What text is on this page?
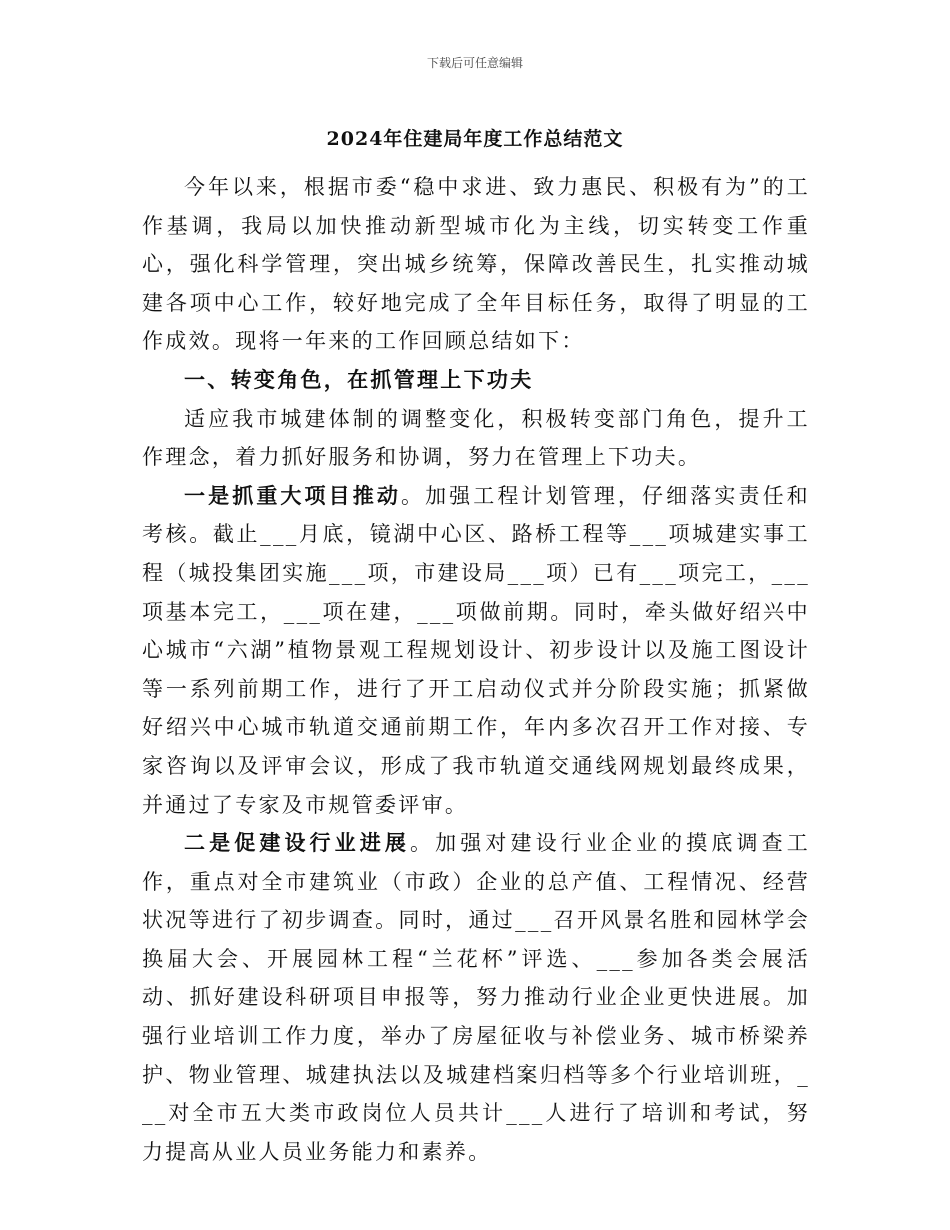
下载后可任意编辑
2024年住建局年度工作总结范文

今年以来，根据市委“稳中求进、致力惠民、积极有为”的工作基调，我局以加快推动新型城市化为主线，切实转变工作重心，强化科学管理，突出城乡统筹，保障改善民生，扎实推动城建各项中心工作，较好地完成了全年目标任务，取得了明显的工作成效。现将一年来的工作回顾总结如下：

一、转变角色，在抓管理上下功夫

适应我市城建体制的调整变化，积极转变部门角色，提升工作理念，着力抓好服务和协调，努力在管理上下功夫。

一是抓重大项目推动。加强工程计划管理，仔细落实责任和考核。截止___月底，镜湖中心区、路桥工程等___项城建实事工程（城投集团实施___项，市建设局___项）已有___项完工，___项基本完工，___项在建，___项做前期。同时，牵头做好绍兴中心城市“六湖”植物景观工程规划设计、初步设计以及施工图设计等一系列前期工作，进行了开工启动仪式并分阶段实施；抓紧做好绍兴中心城市轨道交通前期工作，年内多次召开工作对接、专家咨询以及评审会议，形成了我市轨道交通线网规划最终成果，并通过了专家及市规管委评审。

二是促建设行业进展。加强对建设行业企业的摸底调查工作，重点对全市建筑业（市政）企业的总产值、工程情况、经营状况等进行了初步调查。同时，通过___召开风景名胜和园林学会换届大会、开展园林工程“兰花杯”评选、___参加各类会展活动、抓好建设科研项目申报等，努力推动行业企业更快进展。加强行业培训工作力度，举办了房屋征收与补偿业务、城市桥梁养护、物业管理、城建执法以及城建档案归档等多个行业培训班，___对全市五大类市政岗位人员共计___人进行了培训和考试，努力提高从业人员业务能力和素养。
